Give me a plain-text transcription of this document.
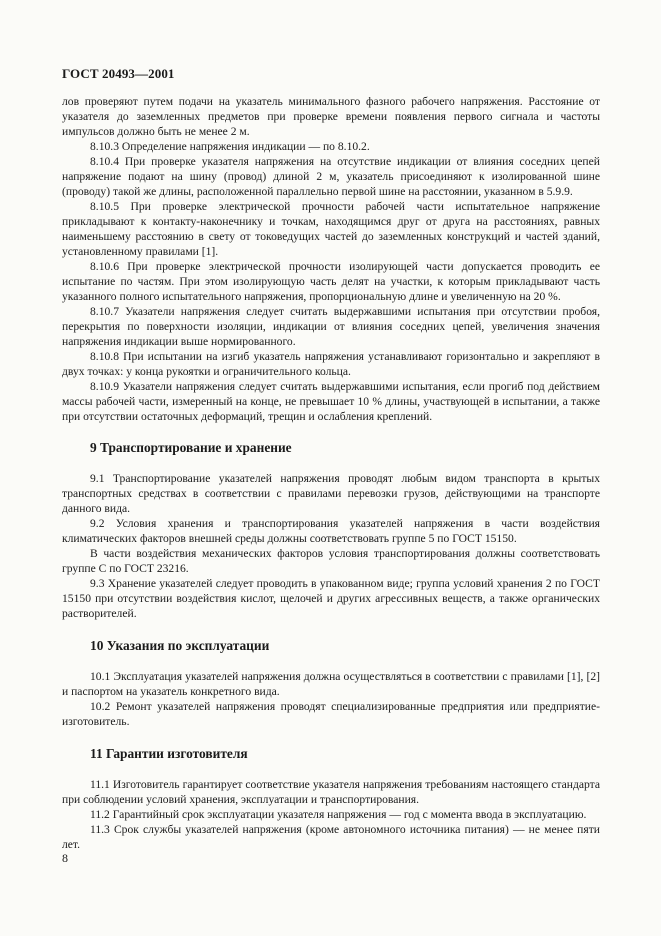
ГОСТ 20493—2001

лов проверяют путем подачи на указатель минимального фазного рабочего напряжения. Расстояние от указателя до заземленных предметов при проверке времени появления первого сигнала и частоты импульсов должно быть не менее 2 м.

8.10.3 Определение напряжения индикации — по 8.10.2.

8.10.4 При проверке указателя напряжения на отсутствие индикации от влияния соседних цепей напряжение подают на шину (провод) длиной 2 м, указатель присоединяют к изолированной шине (проводу) такой же длины, расположенной параллельно первой шине на расстоянии, указанном в 5.9.9.

8.10.5 При проверке электрической прочности рабочей части испытательное напряжение прикладывают к контакту-наконечнику и точкам, находящимся друг от друга на расстояниях, равных наименьшему расстоянию в свету от токоведущих частей до заземленных конструкций и частей зданий, установленному правилами [1].

8.10.6 При проверке электрической прочности изолирующей части допускается проводить ее испытание по частям. При этом изолирующую часть делят на участки, к которым прикладывают часть указанного полного испытательного напряжения, пропорциональную длине и увеличенную на 20 %.

8.10.7 Указатели напряжения следует считать выдержавшими испытания при отсутствии пробоя, перекрытия по поверхности изоляции, индикации от влияния соседних цепей, увеличения значения напряжения индикации выше нормированного.

8.10.8 При испытании на изгиб указатель напряжения устанавливают горизонтально и закрепляют в двух точках: у конца рукоятки и ограничительного кольца.

8.10.9 Указатели напряжения следует считать выдержавшими испытания, если прогиб под действием массы рабочей части, измеренный на конце, не превышает 10 % длины, участвующей в испытании, а также при отсутствии остаточных деформаций, трещин и ослабления креплений.

9 Транспортирование и хранение

9.1 Транспортирование указателей напряжения проводят любым видом транспорта в крытых транспортных средствах в соответствии с правилами перевозки грузов, действующими на транспорте данного вида.

9.2 Условия хранения и транспортирования указателей напряжения в части воздействия климатических факторов внешней среды должны соответствовать группе 5 по ГОСТ 15150.

В части воздействия механических факторов условия транспортирования должны соответствовать группе С по ГОСТ 23216.

9.3 Хранение указателей следует проводить в упакованном виде; группа условий хранения 2 по ГОСТ 15150 при отсутствии воздействия кислот, щелочей и других агрессивных веществ, а также органических растворителей.

10 Указания по эксплуатации

10.1 Эксплуатация указателей напряжения должна осуществляться в соответствии с правилами [1], [2] и паспортом на указатель конкретного вида.

10.2 Ремонт указателей напряжения проводят специализированные предприятия или предприятие-изготовитель.

11 Гарантии изготовителя

11.1 Изготовитель гарантирует соответствие указателя напряжения требованиям настоящего стандарта при соблюдении условий хранения, эксплуатации и транспортирования.

11.2 Гарантийный срок эксплуатации указателя напряжения — год с момента ввода в эксплуатацию.

11.3 Срок службы указателей напряжения (кроме автономного источника питания) — не менее пяти лет.

8
